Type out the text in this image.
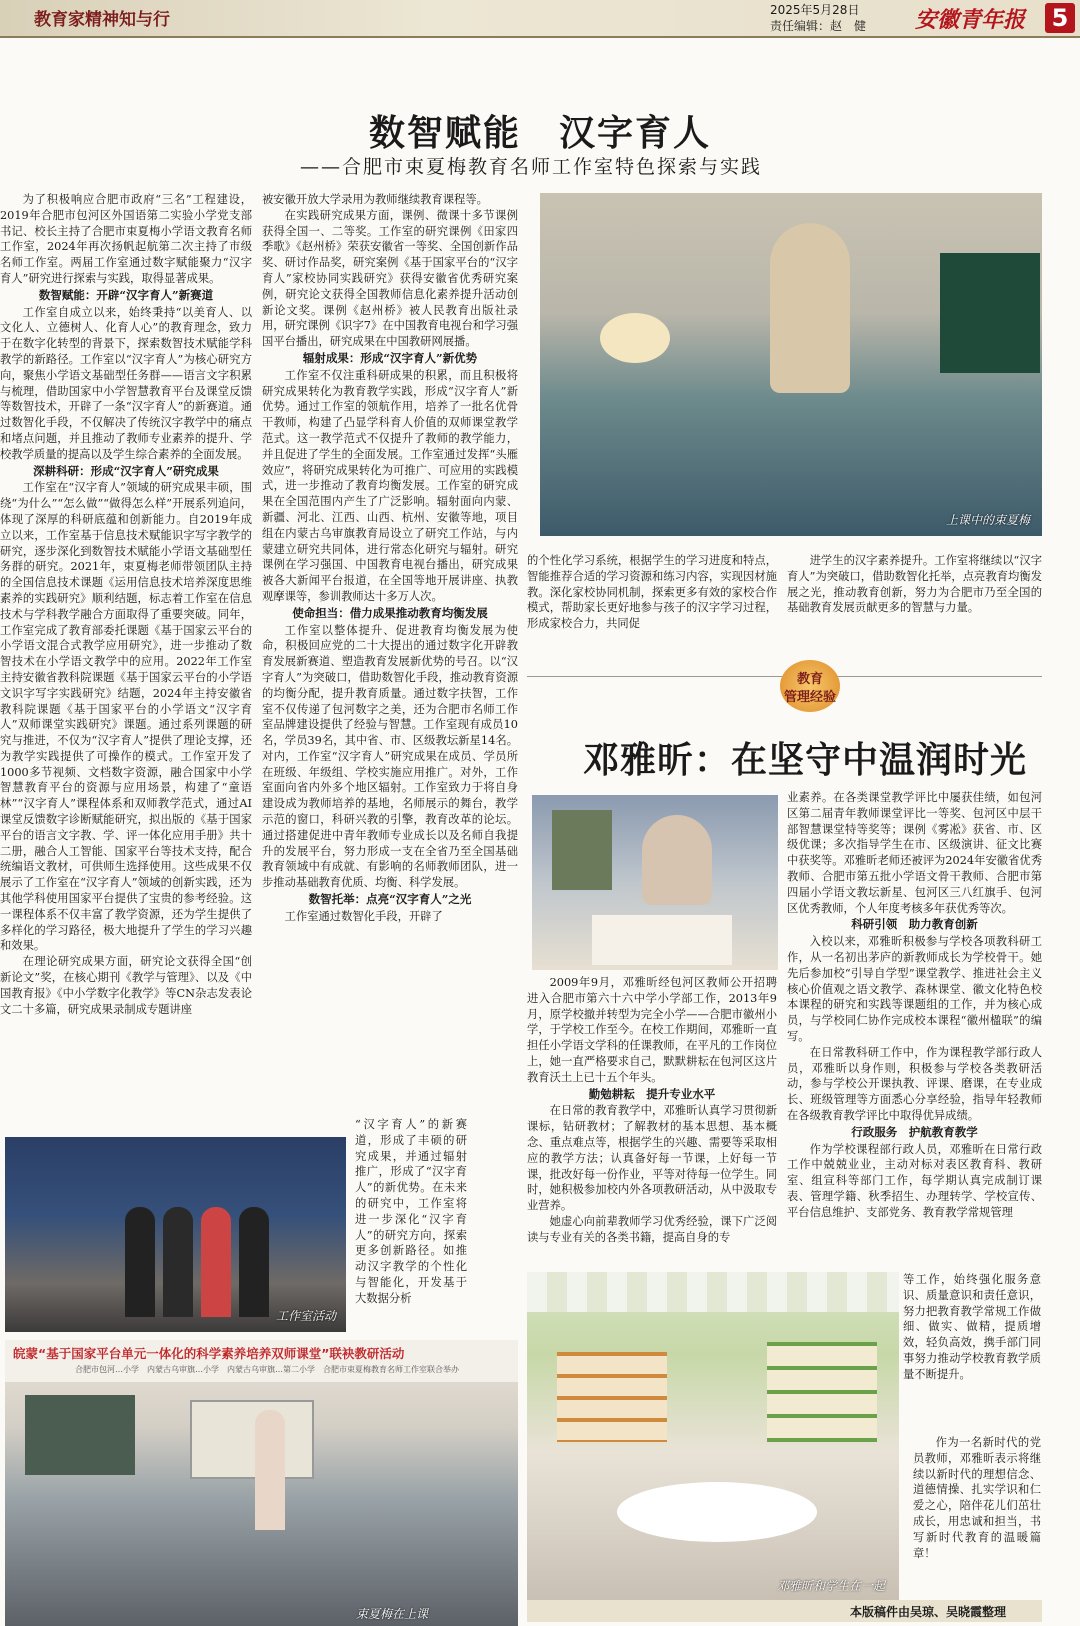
教育家精神知与行	2025年5月28日
责任编辑：赵　健 安徽青年报 5
数智赋能　汉字育人
——合肥市束夏梅教育名师工作室特色探索与实践

为了积极响应合肥市政府“三名”工程建设，2019年合肥市包河区外国语第二实验小学党支部书记、校长主持了合肥市束夏梅小学语文教育名师工作室，2024年再次扬帆起航第二次主持了市级名师工作室。两届工作室通过数字赋能聚力“汉字育人”研究进行探索与实践，取得显著成果。

数智赋能：开辟“汉字育人”新赛道

工作室自成立以来，始终秉持“以美育人、以文化人、立德树人、化育人心”的教育理念，致力于在数字化转型的背景下，探索数智技术赋能学科教学的新路径。工作室以“汉字育人”为核心研究方向，聚焦小学语文基础型任务群——语言文字积累与梳理，借助国家中小学智慧教育平台及课堂反馈等数智技术，开辟了一条“汉字育人”的新赛道。通过数智化手段，不仅解决了传统汉字教学中的痛点和堵点问题，并且推动了教师专业素养的提升、学校教学质量的提高以及学生综合素养的全面发展。

深耕科研：形成“汉字育人”研究成果

工作室在“汉字育人”领域的研究成果丰硕，围绕“为什么”“怎么做”“做得怎么样”开展系列追问，体现了深厚的科研底蕴和创新能力。自2019年成立以来，工作室基于信息技术赋能识字写字教学的研究，逐步深化到数智技术赋能小学语文基础型任务群的研究。2021年，束夏梅老师带领团队主持的全国信息技术课题《运用信息技术培养深度思维素养的实践研究》顺利结题，标志着工作室在信息技术与学科教学融合方面取得了重要突破。同年，工作室完成了教育部委托课题《基于国家云平台的小学语文混合式教学应用研究》，进一步推动了数智技术在小学语文教学中的应用。2022年工作室主持安徽省教科院课题《基于国家云平台的小学语文识字写字实践研究》结题，2024年主持安徽省教科院课题《基于国家平台的小学语文“汉字育人”双师课堂实践研究》课题。通过系列课题的研究与推进，不仅为“汉字育人”提供了理论支撑，还为教学实践提供了可操作的模式。工作室开发了1000多节视频、文档数字资源，融合国家中小学智慧教育平台的资源与应用场景，构建了“童语林”“汉字育人”课程体系和双师教学范式，通过AI课堂反馈数字诊断赋能研究，拟出版的《基于国家平台的语言文字教、学、评一体化应用手册》共十二册，融合人工智能、国家平台等技术支持，配合统编语文教材，可供师生选择使用。这些成果不仅展示了工作室在“汉字育人”领域的创新实践，还为其他学科使用国家平台提供了宝贵的参考经验。这一课程体系不仅丰富了教学资源，还为学生提供了多样化的学习路径，极大地提升了学生的学习兴趣和效果。

在理论研究成果方面，研究论文获得全国“创新论文”奖，在核心期刊《教学与管理》、以及《中国教育报》《中小学数字化教学》等CN杂志发表论文二十多篇，研究成果录制成专题讲座

被安徽开放大学录用为教师继续教育课程等。

在实践研究成果方面，课例、微课十多节课例获得全国一、二等奖。工作室的研究课例《田家四季歌》《赵州桥》荣获安徽省一等奖、全国创新作品奖、研讨作品奖，研究案例《基于国家平台的“汉字育人”家校协同实践研究》获得安徽省优秀研究案例，研究论文获得全国教师信息化素养提升活动创新论文奖。课例《赵州桥》被人民教育出版社录用，研究课例《识字7》在中国教育电视台和学习强国平台播出，研究成果在中国教研网展播。

辐射成果：形成“汉字育人”新优势

工作室不仅注重科研成果的积累，而且积极将研究成果转化为教育教学实践，形成“汉字育人”新优势。通过工作室的领航作用，培养了一批名优骨干教师，构建了凸显学科育人价值的双师课堂教学范式。这一教学范式不仅提升了教师的教学能力，并且促进了学生的全面发展。工作室通过发挥“头雁效应”，将研究成果转化为可推广、可应用的实践模式，进一步推动了教育均衡发展。工作室的研究成果在全国范围内产生了广泛影响。辐射面向内蒙、新疆、河北、江西、山西、杭州、安徽等地，项目组在内蒙古乌审旗教育局设立了研究工作站，与内蒙建立研究共同体，进行常态化研究与辐射。研究课例在学习强国、中国教育电视台播出，研究成果被各大新闻平台报道，在全国等地开展讲座、执教观摩课等，参训教师达十多万人次。

使命担当：借力成果推动教育均衡发展

工作室以整体提升、促进教育均衡发展为使命，积极回应党的二十大提出的通过数字化开辟教育发展新赛道、塑造教育发展新优势的号召。以“汉字育人”为突破口，借助数智化手段，推动教育资源的均衡分配，提升教育质量。通过数字扶智，工作室不仅传递了包河数字之美，还为合肥市名师工作室品牌建设提供了经验与智慧。工作室现有成员10名，学员39名，其中省、市、区级教坛新星14名。对内，工作室“汉字育人”研究成果在成员、学员所在班级、年级组、学校实施应用推广。对外，工作室面向省内外多个地区辐射。工作室致力于将自身建设成为教师培养的基地，名师展示的舞台，教学示范的窗口，科研兴教的引擎，教育改革的论坛。通过搭建促进中青年教师专业成长以及名师自我提升的发展平台，努力形成一支在全省乃至全国基础教育领域中有成就、有影响的名师教师团队，进一步推动基础教育优质、均衡、科学发展。

数智托举：点亮“汉字育人”之光

工作室通过数智化手段，开辟了

上课中的束夏梅

的个性化学习系统，根据学生的学习进度和特点，智能推荐合适的学习资源和练习内容，实现因材施教。深化家校协同机制，探索更多有效的家校合作模式，帮助家长更好地参与孩子的汉字学习过程，形成家校合力，共同促

进学生的汉字素养提升。工作室将继续以“汉字育人”为突破口，借助数智化托举，点亮教育均衡发展之光，推动教育创新，努力为合肥市乃至全国的基础教育发展贡献更多的智慧与力量。

“汉字育人”的新赛道，形成了丰硕的研究成果，并通过辐射推广，形成了“汉字育人”的新优势。在未来的研究中，工作室将进一步深化“汉字育人”的研究方向，探索更多创新路径。如推动汉字教学的个性化与智能化，开发基于大数据分析

工作室活动
皖蒙“基于国家平台单元一体化的科学素养培养双师课堂”联袂教研活动
合肥市包河…小学　内蒙古乌审旗…小学　内蒙古乌审旗…第二小学　合肥市束夏梅教育名师工作室联合举办
束夏梅在上课
教育
管理经验
邓雅昕：在坚守中温润时光

2009年9月，邓雅昕经包河区教师公开招聘进入合肥市第六十六中学小学部工作，2013年9月，原学校撤并转型为完全小学——合肥市徽州小学，于学校工作至今。在校工作期间，邓雅昕一直担任小学语文学科的任课教师，在平凡的工作岗位上，她一直严格要求自己，默默耕耘在包河区这片教育沃土上已十五个年头。

勤勉耕耘　提升专业水平

在日常的教育教学中，邓雅昕认真学习贯彻新课标，钻研教材；了解教材的基本思想、基本概念、重点难点等，根据学生的兴趣、需要等采取相应的教学方法；认真备好每一节课，上好每一节课，批改好每一份作业，平等对待每一位学生。同时，她积极参加校内外各项教研活动，从中汲取专业营养。

她虚心向前辈教师学习优秀经验，课下广泛阅读与专业有关的各类书籍，提高自身的专

业素养。在各类课堂教学评比中屡获佳绩，如包河区第二届青年教师课堂评比一等奖、包河区中层干部智慧课堂特等奖等；课例《雾凇》获省、市、区级优课；多次指导学生在市、区级演讲、征文比赛中获奖等。邓雅昕老师还被评为2024年安徽省优秀教师、合肥市第五批小学语文骨干教师、合肥市第四届小学语文教坛新星、包河区三八红旗手、包河区优秀教师，个人年度考核多年获优秀等次。

科研引领　助力教育创新

入校以来，邓雅昕积极参与学校各项教科研工作，从一名初出茅庐的新教师成长为学校骨干。她先后参加校“引导自学型”课堂教学、推进社会主义核心价值观之语文教学、森林课堂、徽文化特色校本课程的研究和实践等课题组的工作，并为核心成员，与学校同仁协作完成校本课程“徽州楹联”的编写。

在日常教科研工作中，作为课程教学部行政人员，邓雅昕以身作则，积极参与学校各类教研活动，参与学校公开课执教、评课、磨课，在专业成长、班级管理等方面悉心分享经验，指导年轻教师在各级教育教学评比中取得优异成绩。

行政服务　护航教育教学

作为学校课程部行政人员，邓雅昕在日常行政工作中兢兢业业，主动对标对表区教育科、教研室、组宣科等部门工作，每学期认真完成制订课表、管理学籍、秋季招生、办理转学、学校宣传、平台信息维护、支部党务、教育教学常规管理

等工作，始终强化服务意识、质量意识和责任意识，努力把教育教学常规工作做细、做实、做精，提质增效，轻负高效，携手部门同事努力推动学校教育教学质量不断提升。

作为一名新时代的党员教师，邓雅昕表示将继续以新时代的理想信念、道德情操、扎实学识和仁爱之心，陪伴花儿们茁壮成长，用忠诚和担当，书写新时代教育的温暖篇章！

邓雅昕和学生在一起
本版稿件由吴琼、吴晓霞整理
